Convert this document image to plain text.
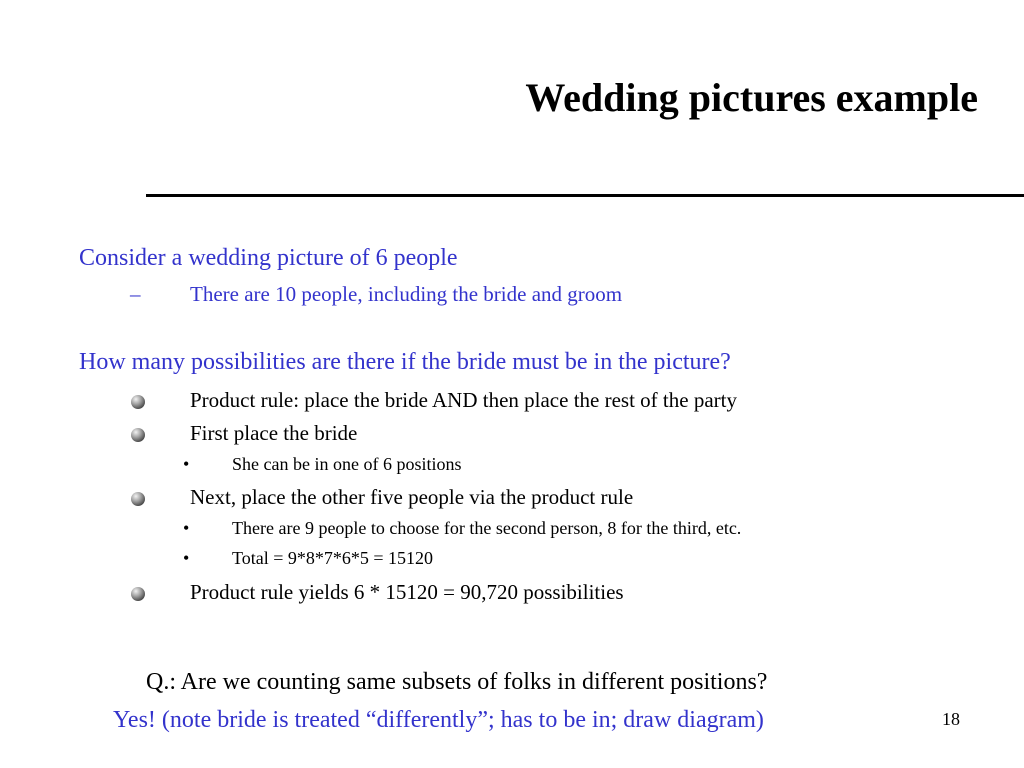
Wedding pictures example
Consider a wedding picture of 6 people
– There are 10 people, including the bride and groom
How many possibilities are there if the bride must be in the picture?
Product rule: place the bride AND then place the rest of the party
First place the bride
• She can be in one of 6 positions
Next, place the other five people via the product rule
• There are 9 people to choose for the second person, 8 for the third, etc.
• Total = 9*8*7*6*5 = 15120
Product rule yields 6 * 15120 = 90,720 possibilities
Q.: Are we counting same subsets of folks in different positions?
Yes! (note bride is treated “differently”; has to be in; draw diagram)	18
